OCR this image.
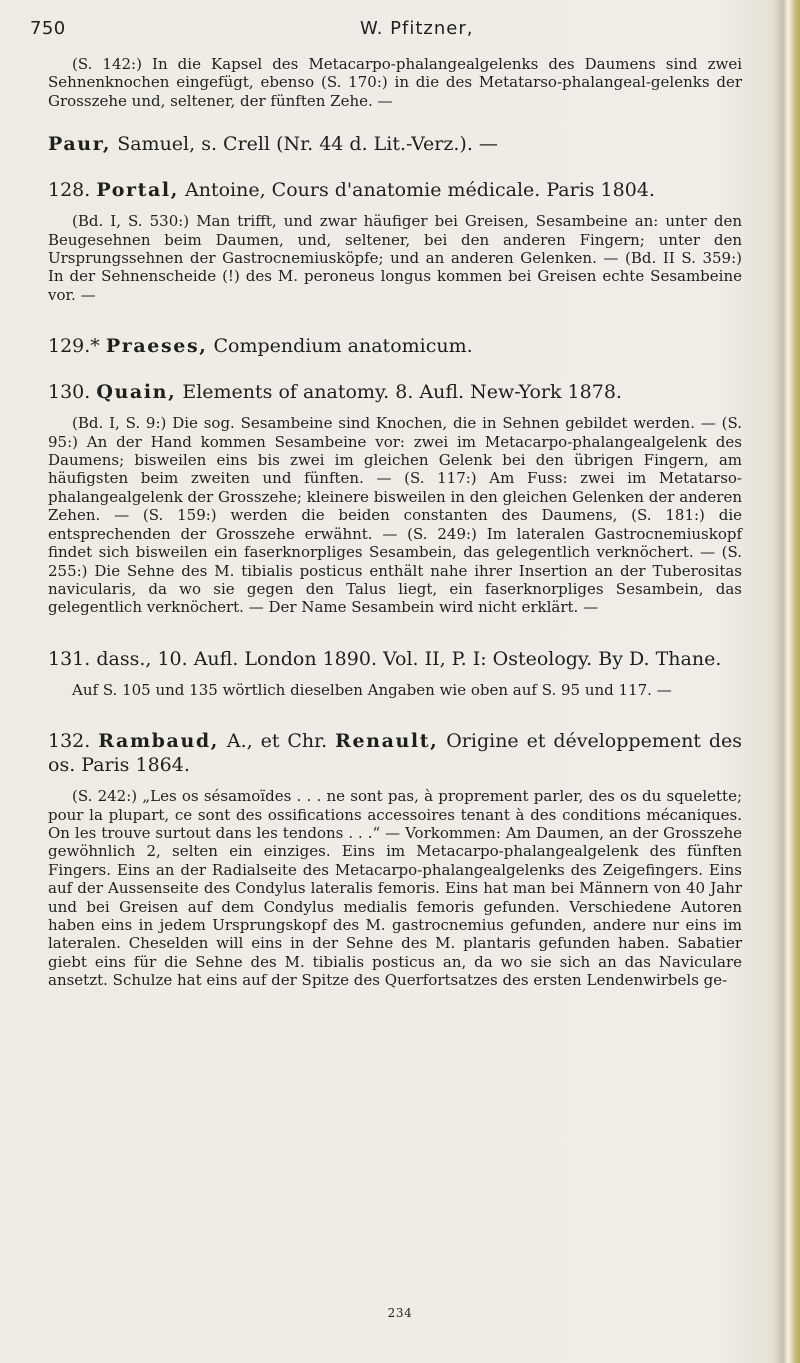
750	W. Pfitzner,

(S. 142:) In die Kapsel des Metacarpo-phalangealgelenks des Daumens sind zwei Sehnenknochen eingefügt, ebenso (S. 170:) in die des Metatarso-phalangeal-gelenks der Grosszehe und, seltener, der fünften Zehe. —

Paur, Samuel, s. Crell (Nr. 44 d. Lit.-Verz.). —

128. Portal, Antoine, Cours d'anatomie médicale. Paris 1804.

(Bd. I, S. 530:) Man trifft, und zwar häufiger bei Greisen, Sesambeine an: unter den Beugesehnen beim Daumen, und, seltener, bei den anderen Fingern; unter den Ursprungssehnen der Gastrocnemiusköpfe; und an anderen Gelenken. — (Bd. II S. 359:) In der Sehnenscheide (!) des M. peroneus longus kommen bei Greisen echte Sesambeine vor. —

129.* Praeses, Compendium anatomicum.

130. Quain, Elements of anatomy. 8. Aufl. New-York 1878.

(Bd. I, S. 9:) Die sog. Sesambeine sind Knochen, die in Sehnen gebildet werden. — (S. 95:) An der Hand kommen Sesambeine vor: zwei im Metacarpo-phalangealgelenk des Daumens; bisweilen eins bis zwei im gleichen Gelenk bei den übrigen Fingern, am häufigsten beim zweiten und fünften. — (S. 117:) Am Fuss: zwei im Metatarso-phalangealgelenk der Grosszehe; kleinere bisweilen in den gleichen Gelenken der anderen Zehen. — (S. 159:) werden die beiden constanten des Daumens, (S. 181:) die entsprechenden der Grosszehe erwähnt. — (S. 249:) Im lateralen Gastrocnemiuskopf findet sich bisweilen ein faserknorpliges Sesambein, das gelegentlich verknöchert. — (S. 255:) Die Sehne des M. tibialis posticus enthält nahe ihrer Insertion an der Tuberositas navicularis, da wo sie gegen den Talus liegt, ein faserknorpliges Sesambein, das gelegentlich verknöchert. — Der Name Sesambein wird nicht erklärt. —

131. dass., 10. Aufl. London 1890. Vol. II, P. I: Osteology. By D. Thane.

Auf S. 105 und 135 wörtlich dieselben Angaben wie oben auf S. 95 und 117. —

132. Rambaud, A., et Chr. Renault, Origine et développement des os. Paris 1864.

(S. 242:) „Les os sésamoïdes . . . ne sont pas, à proprement parler, des os du squelette; pour la plupart, ce sont des ossifications accessoires tenant à des conditions mécaniques. On les trouve surtout dans les tendons . . .“ — Vorkommen: Am Daumen, an der Grosszehe gewöhnlich 2, selten ein einziges. Eins im Metacarpo-phalangealgelenk des fünften Fingers. Eins an der Radialseite des Metacarpo-phalangealgelenks des Zeigefingers. Eins auf der Aussenseite des Condylus lateralis femoris. Eins hat man bei Männern von 40 Jahr und bei Greisen auf dem Condylus medialis femoris gefunden. Verschiedene Autoren haben eins in jedem Ursprungskopf des M. gastrocnemius gefunden, andere nur eins im lateralen. Cheselden will eins in der Sehne des M. plantaris gefunden haben. Sabatier giebt eins für die Sehne des M. tibialis posticus an, da wo sie sich an das Naviculare ansetzt. Schulze hat eins auf der Spitze des Querfortsatzes des ersten Lendenwirbels ge-

234
